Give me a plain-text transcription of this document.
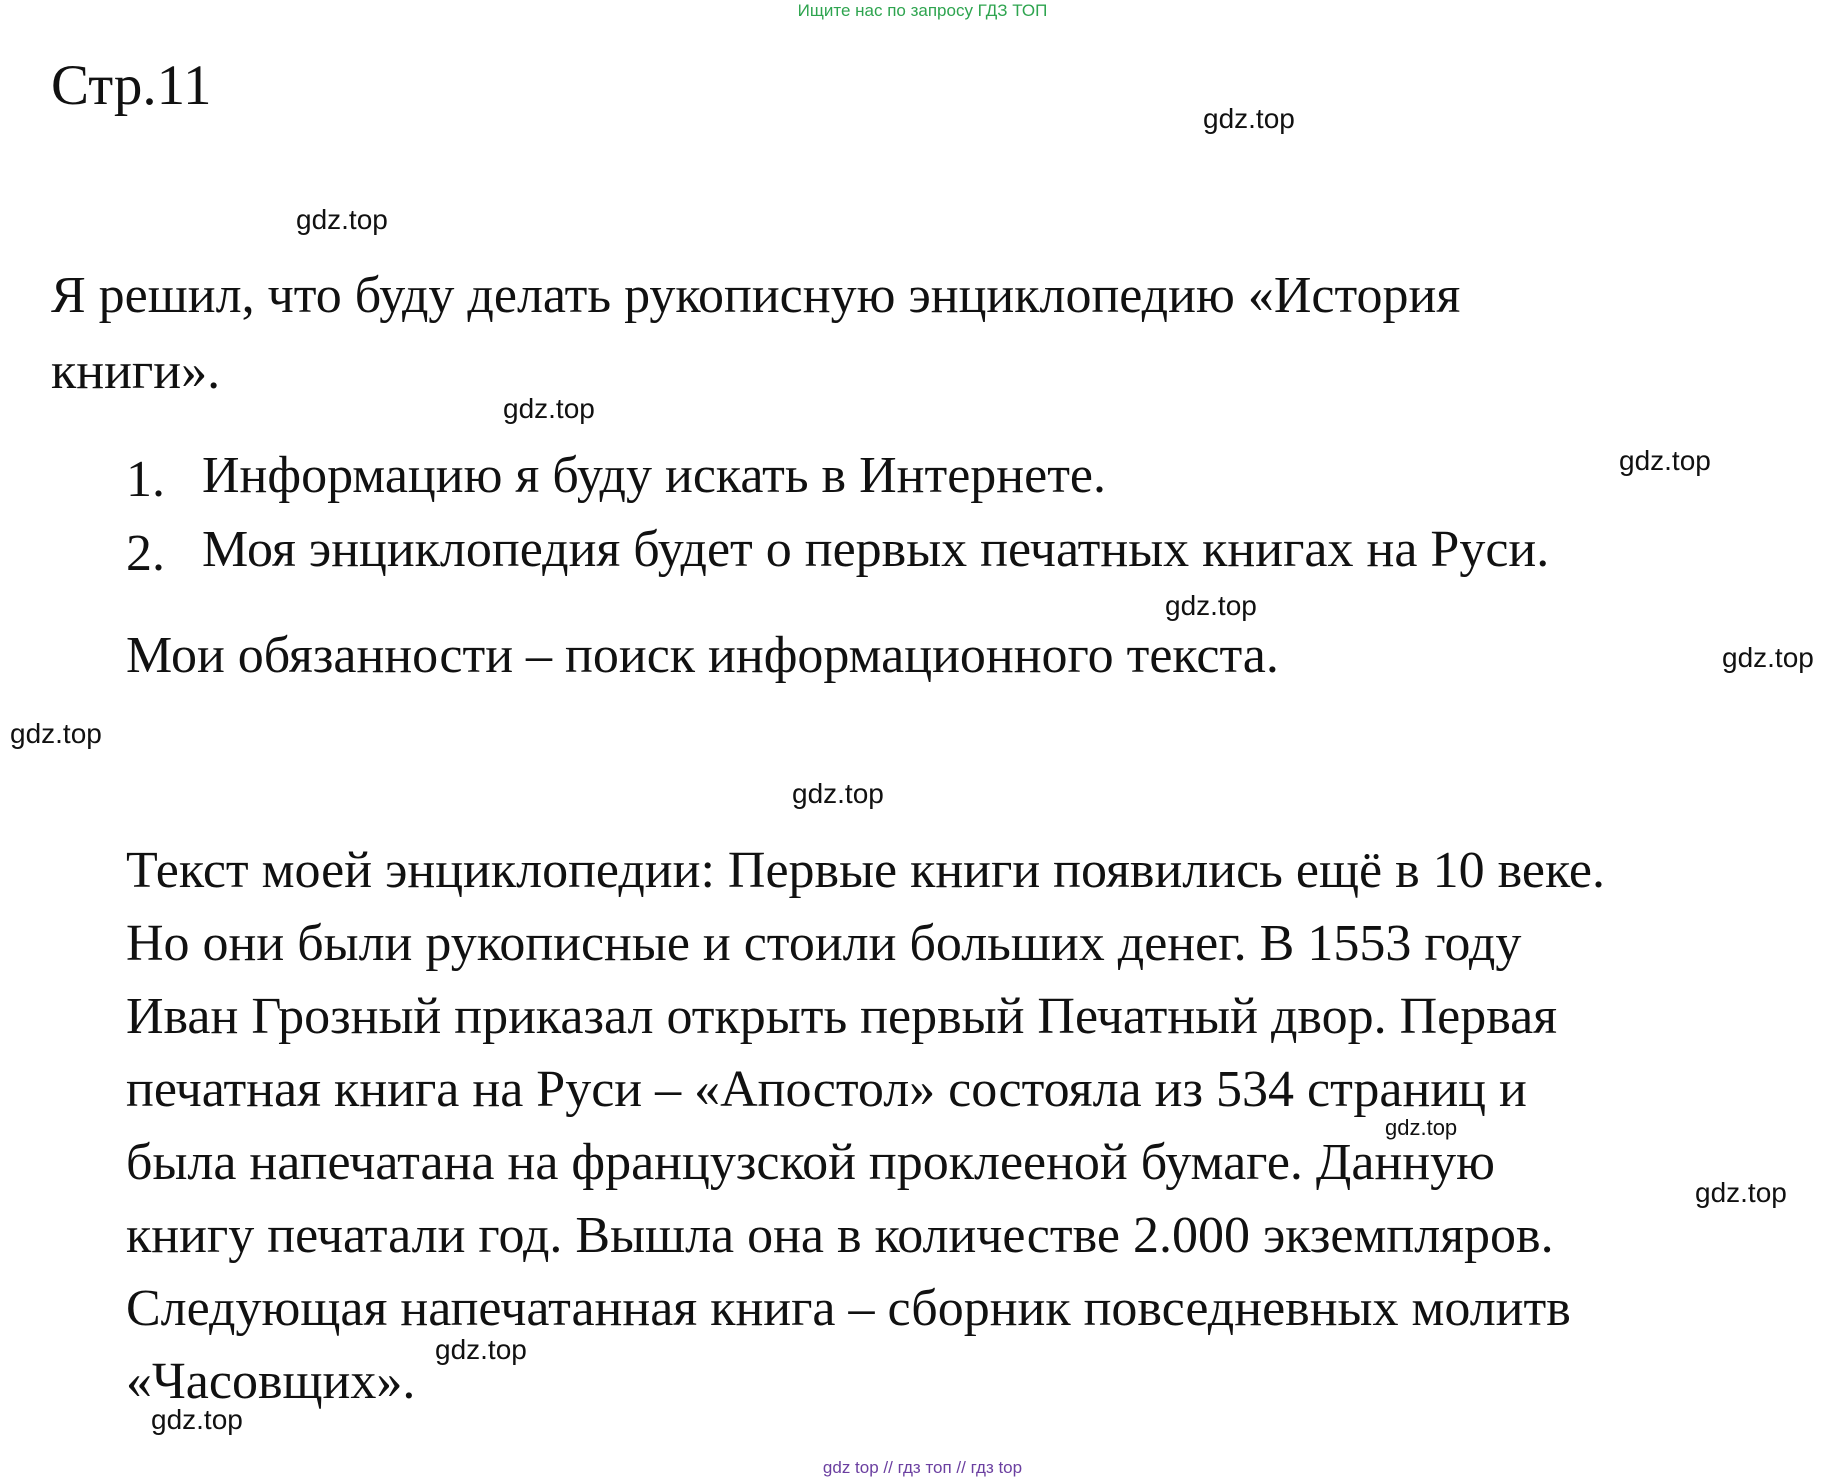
Ищите нас по запросу ГДЗ ТОП
Стр.11
Я решил, что буду делать рукописную энциклопедию «История
книги».
1. Информацию я буду искать в Интернете.
2. Моя энциклопедия будет о первых печатных книгах на Руси.
Мои обязанности – поиск информационного текста.
Текст моей энциклопедии: Первые книги появились ещё в 10 веке.
Но они были рукописные и стоили больших денег. В 1553 году
Иван Грозный приказал открыть первый Печатный двор. Первая
печатная книга на Руси – «Апостол» состояла из 534 страниц и
была напечатана на французской проклееной бумаге. Данную
книгу печатали год. Вышла она в количестве 2.000 экземпляров.
Следующая напечатанная книга – сборник повседневных молитв
«Часовщих».
gdz.top
gdz.top
gdz.top
gdz.top
gdz.top
gdz.top
gdz.top
gdz.top
gdz.top
gdz.top
gdz.top
gdz.top
gdz top // гдз топ // гдз top
